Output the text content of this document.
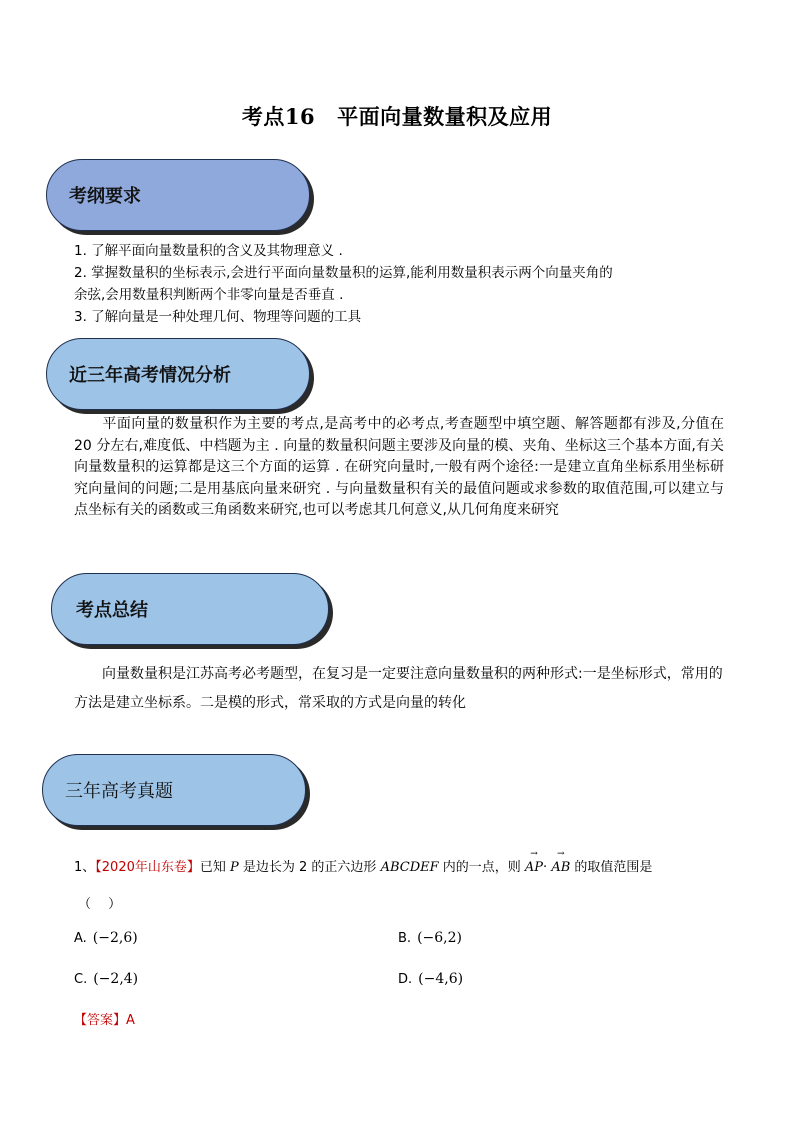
考点16 平面向量数量积及应用
考纲要求
1. 了解平面向量数量积的含义及其物理意义 .
2. 掌握数量积的坐标表示,会进行平面向量数量积的运算,能利用数量积表示两个向量夹角的
余弦,会用数量积判断两个非零向量是否垂直 .
3. 了解向量是一种处理几何、物理等问题的工具
近三年高考情况分析
平面向量的数量积作为主要的考点,是高考中的必考点,考查题型中填空题、解答题都有涉及,分值在 20 分左右,难度低、中档题为主 . 向量的数量积问题主要涉及向量的模、夹角、坐标这三个基本方面,有关向量数量积的运算都是这三个方面的运算 . 在研究向量时,一般有两个途径:一是建立直角坐标系用坐标研究向量间的问题;二是用基底向量来研究 . 与向量数量积有关的最值问题或求参数的取值范围,可以建立与点坐标有关的函数或三角函数来研究,也可以考虑其几何意义,从几何角度来研究
考点总结
向量数量积是江苏高考必考题型，在复习是一定要注意向量数量积的两种形式:一是坐标形式，常用的方法是建立坐标系。二是模的形式，常采取的方式是向量的转化
三年高考真题
1、【2020年山东卷】已知 P 是边长为 2 的正六边形 ABCDEF 内的一点，则 → AP· → AB 的取值范围是
（　 ）
A. (−2,6)	B. (−6,2)
C. (−2,4)	D. (−4,6)
【答案】A
